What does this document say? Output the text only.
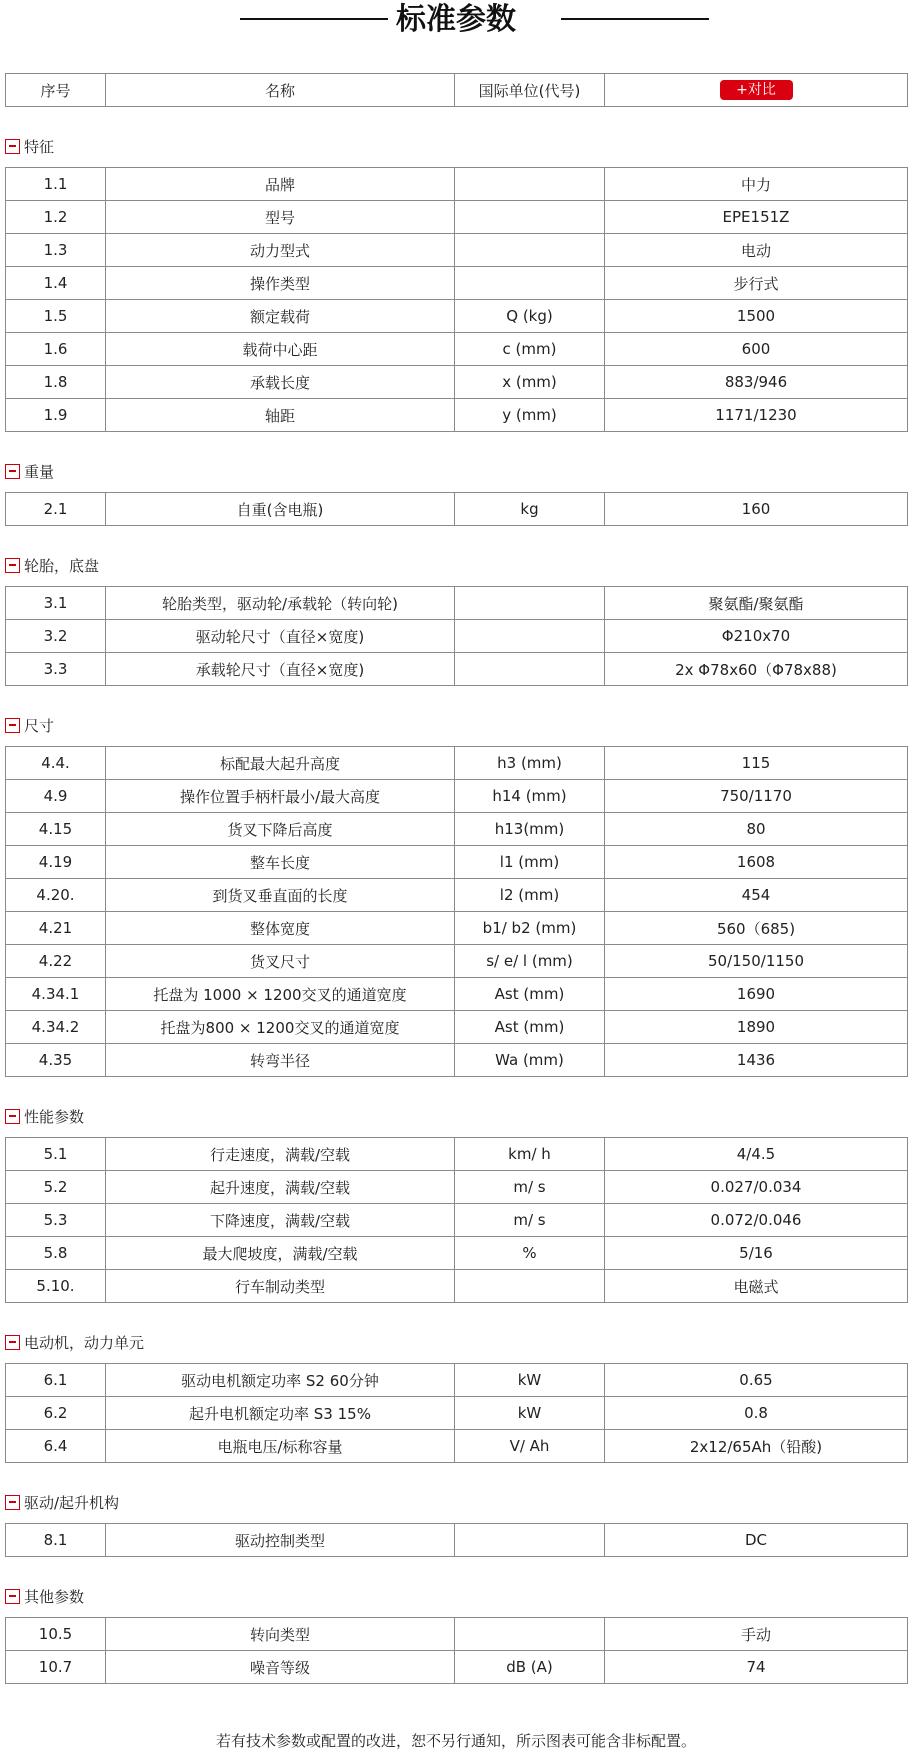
标准参数
序号	名称	国际单位(代号)	+对比
特征
1.1	品牌		中力
1.2	型号		EPE151Z
1.3	动力型式		电动
1.4	操作类型		步行式
1.5	额定载荷	Q (kg)	1500
1.6	载荷中心距	c (mm)	600
1.8	承载长度	x (mm)	883/946
1.9	轴距	y (mm)	1171/1230
重量
2.1	自重(含电瓶)	kg	160
轮胎，底盘
3.1	轮胎类型，驱动轮/承载轮（转向轮)		聚氨酯/聚氨酯
3.2	驱动轮尺寸（直径×宽度)		Φ210x70
3.3	承载轮尺寸（直径×宽度)		2x Φ78x60（Φ78x88)
尺寸
4.4.	标配最大起升高度	h3 (mm)	115
4.9	操作位置手柄杆最小/最大高度	h14 (mm)	750/1170
4.15	货叉下降后高度	h13(mm)	80
4.19	整车长度	l1 (mm)	1608
4.20.	到货叉垂直面的长度	l2 (mm)	454
4.21	整体宽度	b1/ b2 (mm)	560（685)
4.22	货叉尺寸	s/ e/ l (mm)	50/150/1150
4.34.1	托盘为 1000 × 1200交叉的通道宽度	Ast (mm)	1690
4.34.2	托盘为800 × 1200交叉的通道宽度	Ast (mm)	1890
4.35	转弯半径	Wa (mm)	1436
性能参数
5.1	行走速度，满载/空载	km/ h	4/4.5
5.2	起升速度，满载/空载	m/ s	0.027/0.034
5.3	下降速度，满载/空载	m/ s	0.072/0.046
5.8	最大爬坡度，满载/空载	%	5/16
5.10.	行车制动类型		电磁式
电动机，动力单元
6.1	驱动电机额定功率 S2 60分钟	kW	0.65
6.2	起升电机额定功率 S3 15%	kW	0.8
6.4	电瓶电压/标称容量	V/ Ah	2x12/65Ah（铅酸)
驱动/起升机构
8.1	驱动控制类型		DC
其他参数
10.5	转向类型		手动
10.7	噪音等级	dB (A)	74
若有技术参数或配置的改进，恕不另行通知，所示图表可能含非标配置。
